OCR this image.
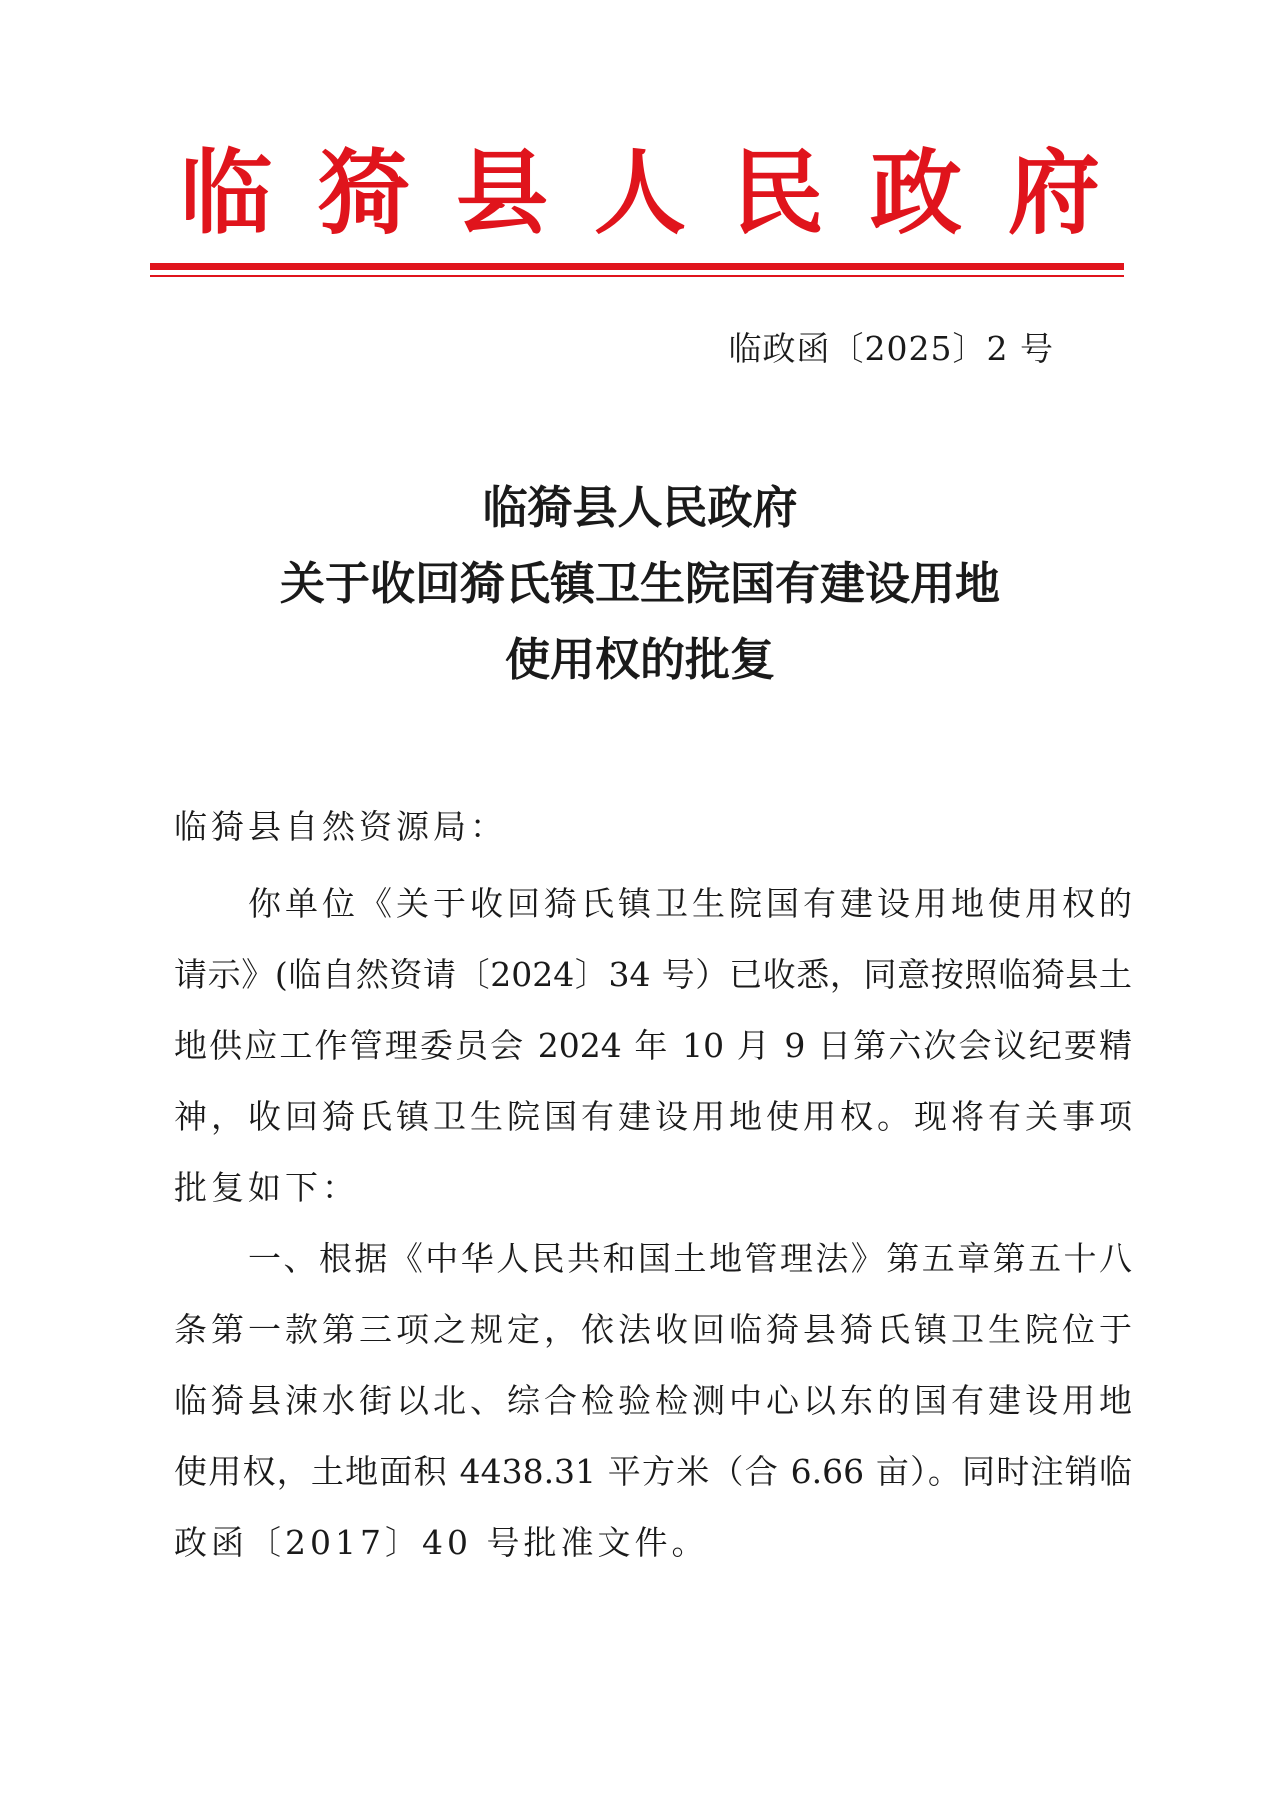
临猗县人民政府
临政函〔2025〕2 号
临猗县人民政府
关于收回猗氏镇卫生院国有建设用地
使用权的批复
临猗县自然资源局：
你单位《关于收回猗氏镇卫生院国有建设用地使用权的
请示》(临自然资请〔2024〕34 号）已收悉，同意按照临猗县土
地供应工作管理委员会 2024 年 10 月 9 日第六次会议纪要精
神，收回猗氏镇卫生院国有建设用地使用权。现将有关事项
批复如下：
一、根据《中华人民共和国土地管理法》第五章第五十八
条第一款第三项之规定，依法收回临猗县猗氏镇卫生院位于
临猗县涑水街以北、综合检验检测中心以东的国有建设用地
使用权，土地面积 4438.31 平方米（合 6.66 亩）。同时注销临
政函〔2017〕40 号批准文件。
